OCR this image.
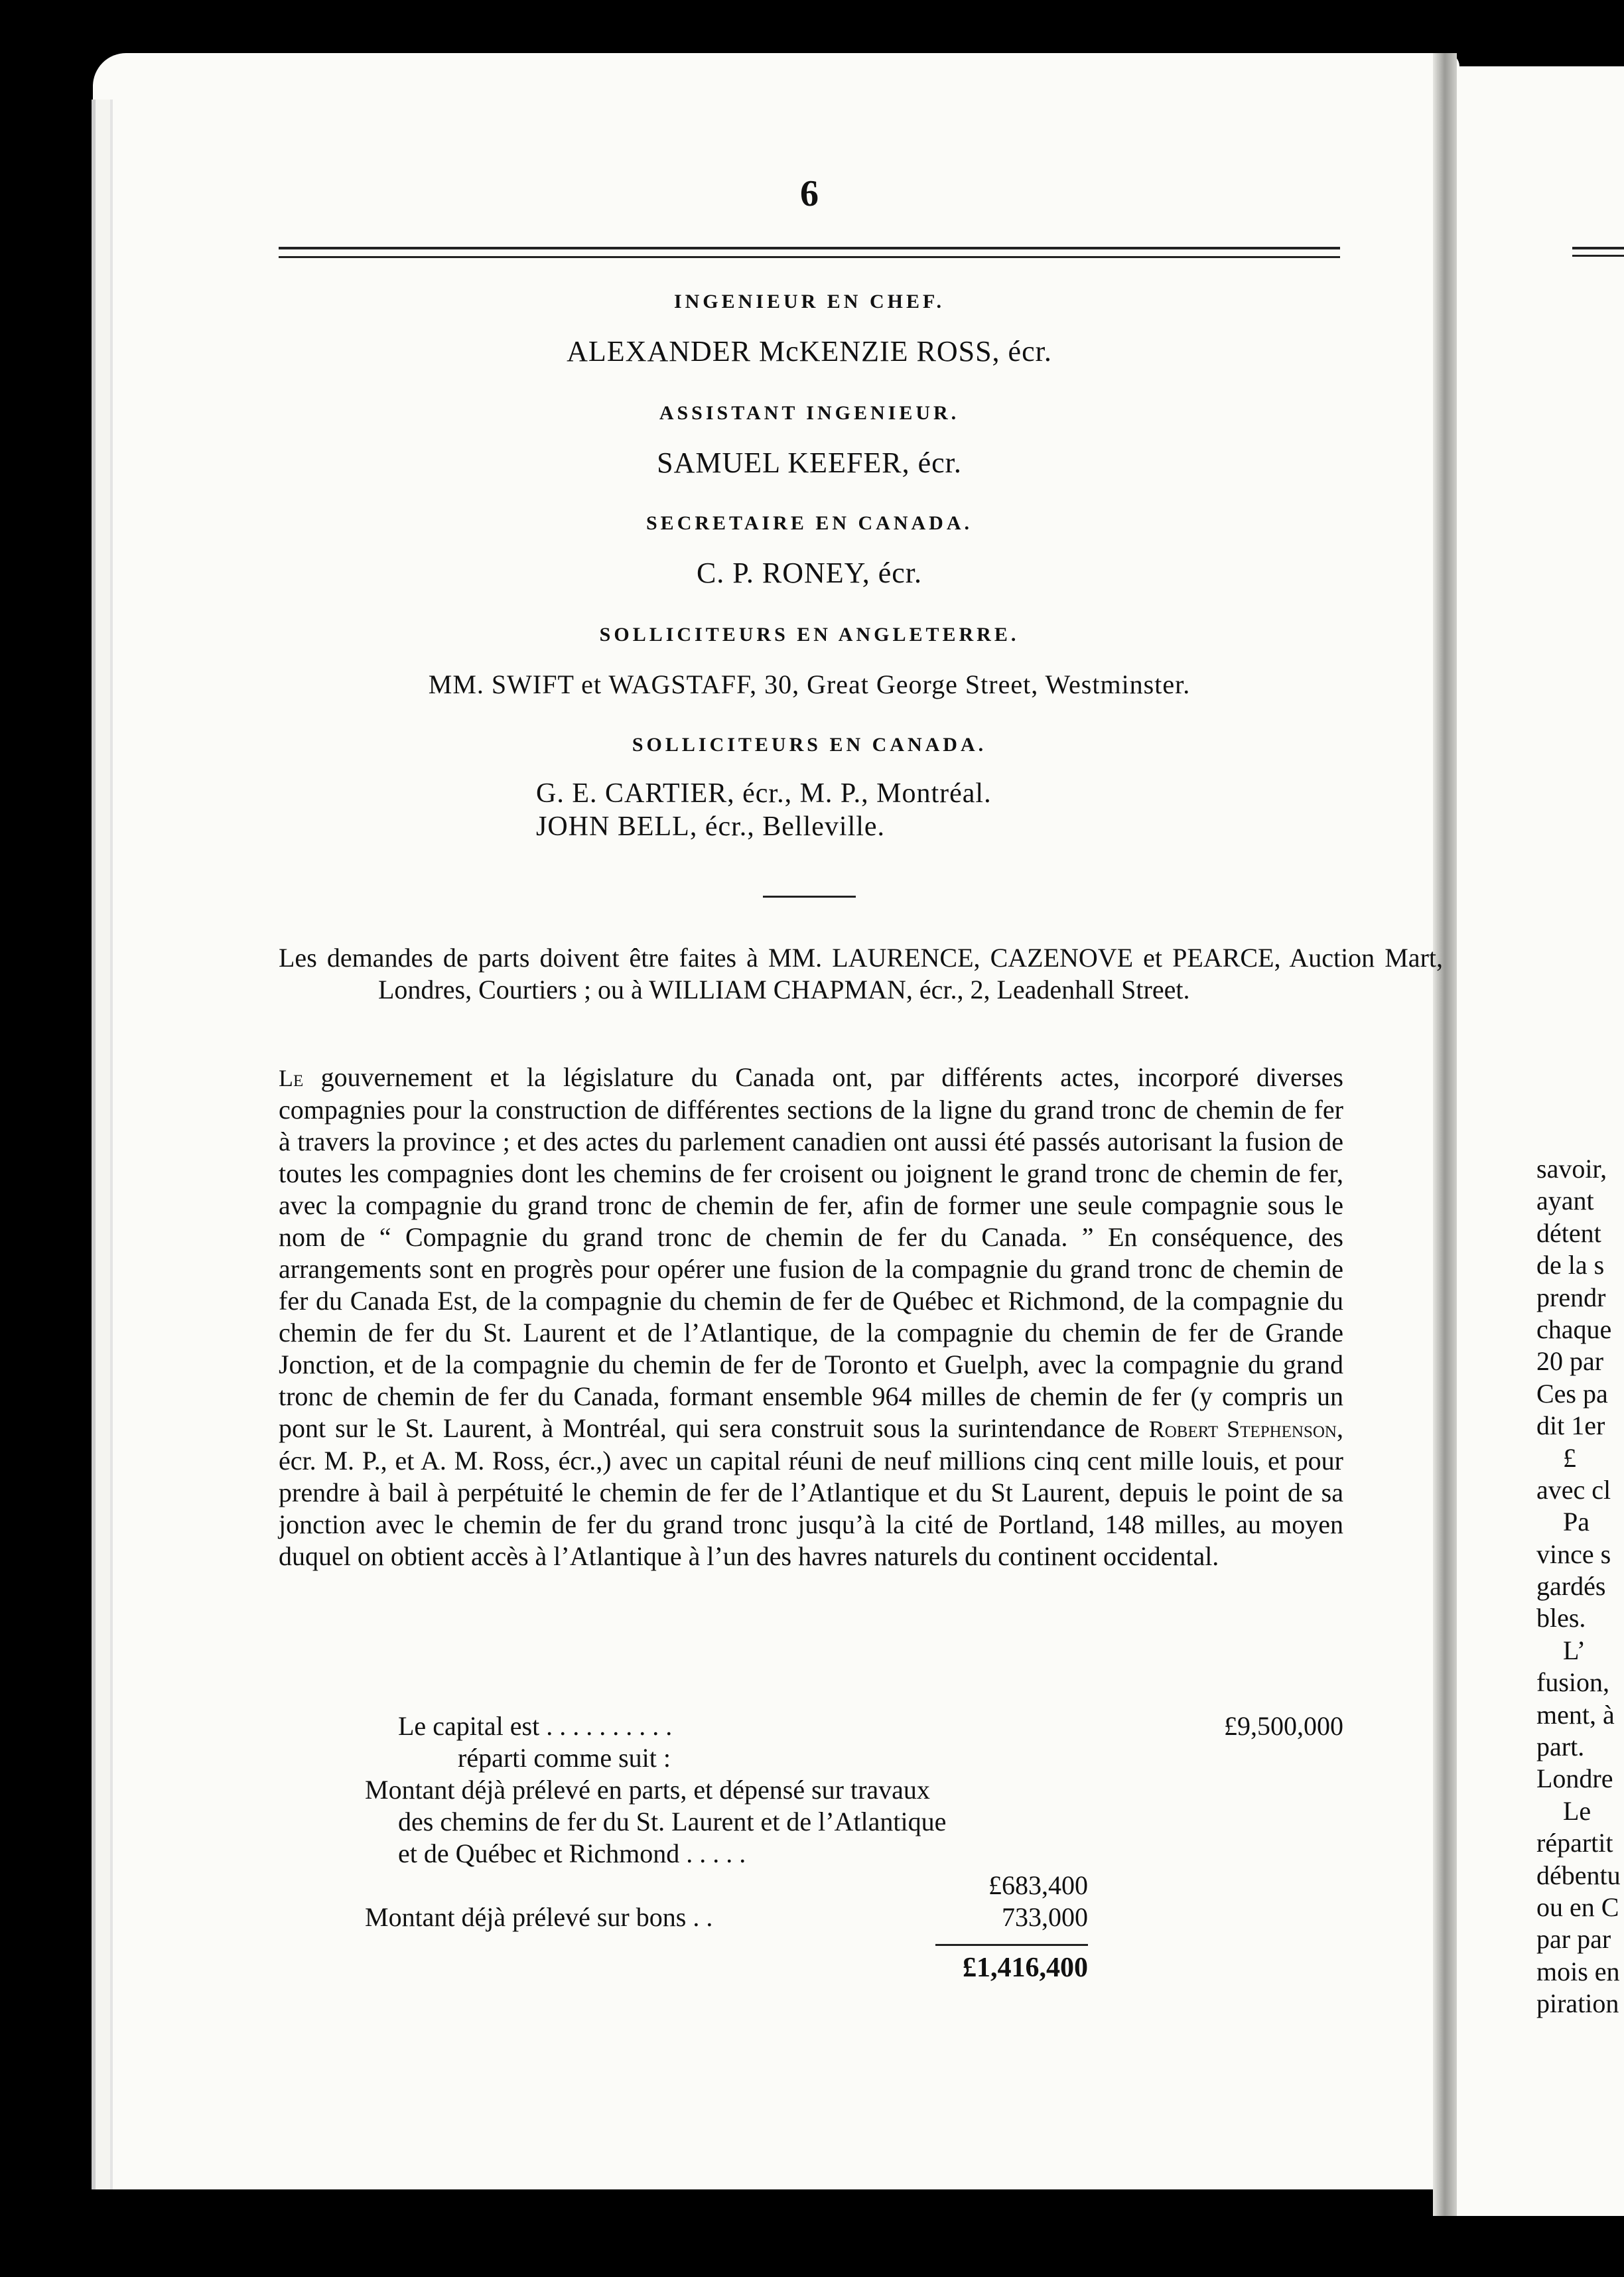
6
INGENIEUR EN CHEF.
ALEXANDER McKENZIE ROSS, écr.
ASSISTANT INGENIEUR.
SAMUEL KEEFER, écr.
SECRETAIRE EN CANADA.
C. P. RONEY, écr.
SOLLICITEURS EN ANGLETERRE.
MM. SWIFT et WAGSTAFF, 30, Great George Street, Westminster.
SOLLICITEURS EN CANADA.
G. E. CARTIER, écr., M. P., Montréal.
JOHN BELL, écr., Belleville.
Les demandes de parts doivent être faites à MM. LAURENCE, CAZENOVE et PEARCE, Auction Mart, Londres, Courtiers ; ou à WILLIAM CHAPMAN, écr., 2, Leadenhall Street.
Le gouvernement et la législature du Canada ont, par différents actes, incorporé diverses compagnies pour la construction de différentes sections de la ligne du grand tronc de chemin de fer à travers la province ; et des actes du parlement canadien ont aussi été passés autorisant la fusion de toutes les compagnies dont les chemins de fer croisent ou joignent le grand tronc de chemin de fer, avec la compagnie du grand tronc de chemin de fer, afin de former une seule compagnie sous le nom de “ Compagnie du grand tronc de chemin de fer du Canada. ” En conséquence, des arrangements sont en progrès pour opérer une fusion de la compagnie du grand tronc de chemin de fer du Canada Est, de la compagnie du chemin de fer de Québec et Richmond, de la compagnie du chemin de fer du St. Laurent et de l’Atlantique, de la compagnie du chemin de fer de Grande Jonction, et de la compagnie du chemin de fer de Toronto et Guelph, avec la compagnie du grand tronc de chemin de fer du Canada, formant ensemble 964 milles de chemin de fer (y compris un pont sur le St. Laurent, à Montréal, qui sera construit sous la surintendance de Robert Stephenson, écr. M. P., et A. M. Ross, écr.,) avec un capital réuni de neuf millions cinq cent mille louis, et pour prendre à bail à perpétuité le chemin de fer de l’Atlantique et du St Laurent, depuis le point de sa jonction avec le chemin de fer du grand tronc jusqu’à la cité de Portland, 148 milles, au moyen duquel on obtient accès à l’Atlantique à l’un des havres naturels du continent occidental.
Le capital est . . . . . . . . . .	£9,500,000
réparti comme suit :
Montant déjà prélevé en parts, et dépensé sur travaux des chemins de fer du St. Laurent et de l’Atlantique et de Québec et Richmond . . . . .
£683,400
Montant déjà prélevé sur bons . .	733,000
£1,416,400
savoir,
ayant
détent
de la s
prendr
chaque
20 par
Ces pa
dit 1er
£
avec cl
Pa
vince s
gardés
bles.
L’
fusion,
ment, à
part.
Londre
Le
répartit
débentu
ou en C
par par
mois en
piration
